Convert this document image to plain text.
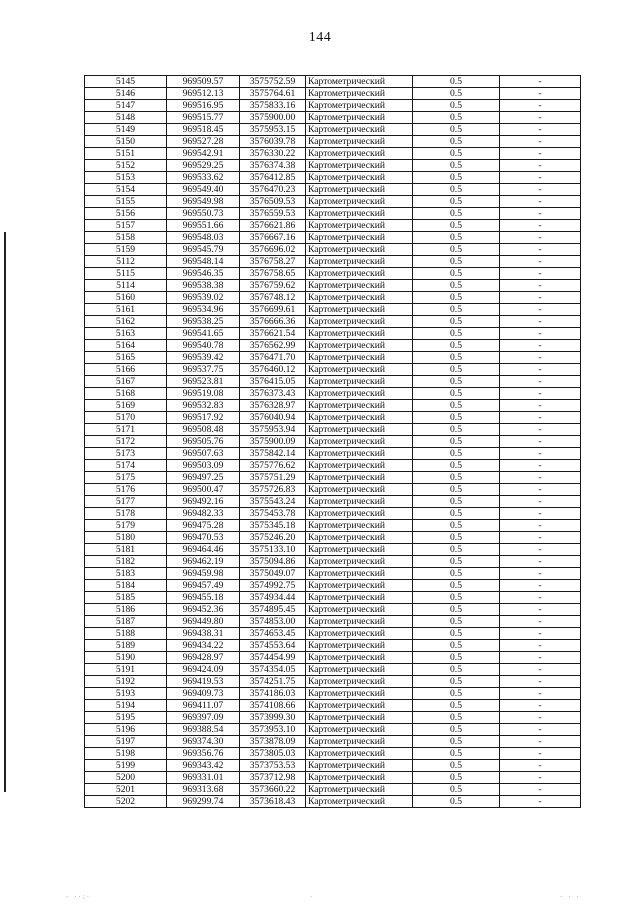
144
5145	969509.57	3575752.59	Картометрический	0.5	-
5146	969512.13	3575764.61	Картометрический	0.5	-
5147	969516.95	3575833.16	Картометрический	0.5	-
5148	969515.77	3575900.00	Картометрический	0.5	-
5149	969518.45	3575953.15	Картометрический	0.5	-
5150	969527.28	3576039.78	Картометрический	0.5	-
5151	969542.91	3576330.22	Картометрический	0.5	-
5152	969529.25	3576374.38	Картометрический	0.5	-
5153	969533.62	3576412.85	Картометрический	0.5	-
5154	969549.40	3576470.23	Картометрический	0.5	-
5155	969549.98	3576509.53	Картометрический	0.5	-
5156	969550.73	3576559.53	Картометрический	0.5	-
5157	969551.66	3576621.86	Картометрический	0.5	-
5158	969548.03	3576667.16	Картометрический	0.5	-
5159	969545.79	3576696.02	Картометрический	0.5	-
5112	969548.14	3576758.27	Картометрический	0.5	-
5115	969546.35	3576758.65	Картометрический	0.5	-
5114	969538.38	3576759.62	Картометрический	0.5	-
5160	969539.02	3576748.12	Картометрический	0.5	-
5161	969534.96	3576699.61	Картометрический	0.5	-
5162	969538.25	3576666.36	Картометрический	0.5	-
5163	969541.65	3576621.54	Картометрический	0.5	-
5164	969540.78	3576562.99	Картометрический	0.5	-
5165	969539.42	3576471.70	Картометрический	0.5	-
5166	969537.75	3576460.12	Картометрический	0.5	-
5167	969523.81	3576415.05	Картометрический	0.5	-
5168	969519.08	3576373.43	Картометрический	0.5	-
5169	969532.83	3576328.97	Картометрический	0.5	-
5170	969517.92	3576040.94	Картометрический	0.5	-
5171	969508.48	3575953.94	Картометрический	0.5	-
5172	969505.76	3575900.09	Картометрический	0.5	-
5173	969507.63	3575842.14	Картометрический	0.5	-
5174	969503.09	3575776.62	Картометрический	0.5	-
5175	969497.25	3575751.29	Картометрический	0.5	-
5176	969500.47	3575726.83	Картометрический	0.5	-
5177	969492.16	3575543.24	Картометрический	0.5	-
5178	969482.33	3575453.78	Картометрический	0.5	-
5179	969475.28	3575345.18	Картометрический	0.5	-
5180	969470.53	3575246.20	Картометрический	0.5	-
5181	969464.46	3575133.10	Картометрический	0.5	-
5182	969462.19	3575094.86	Картометрический	0.5	-
5183	969459.98	3575049.07	Картометрический	0.5	-
5184	969457.49	3574992.75	Картометрический	0.5	-
5185	969455.18	3574934.44	Картометрический	0.5	-
5186	969452.36	3574895.45	Картометрический	0.5	-
5187	969449.80	3574853.00	Картометрический	0.5	-
5188	969438.31	3574653.45	Картометрический	0.5	-
5189	969434.22	3574553.64	Картометрический	0.5	-
5190	969428.97	3574454.99	Картометрический	0.5	-
5191	969424.09	3574354.05	Картометрический	0.5	-
5192	969419.53	3574251.75	Картометрический	0.5	-
5193	969409.73	3574186.03	Картометрический	0.5	-
5194	969411.07	3574108.66	Картометрический	0.5	-
5195	969397.09	3573999.30	Картометрический	0.5	-
5196	969388.54	3573953.10	Картометрический	0.5	-
5197	969374.30	3573878.09	Картометрический	0.5	-
5198	969356.76	3573805.03	Картометрический	0.5	-
5199	969343.42	3573753.53	Картометрический	0.5	-
5200	969331.01	3573712.98	Картометрический	0.5	-
5201	969313.68	3573660.22	Картометрический	0.5	-
5202	969299.74	3573618.43	Картометрический	0.5	-
· ··:·	·	· · ·
